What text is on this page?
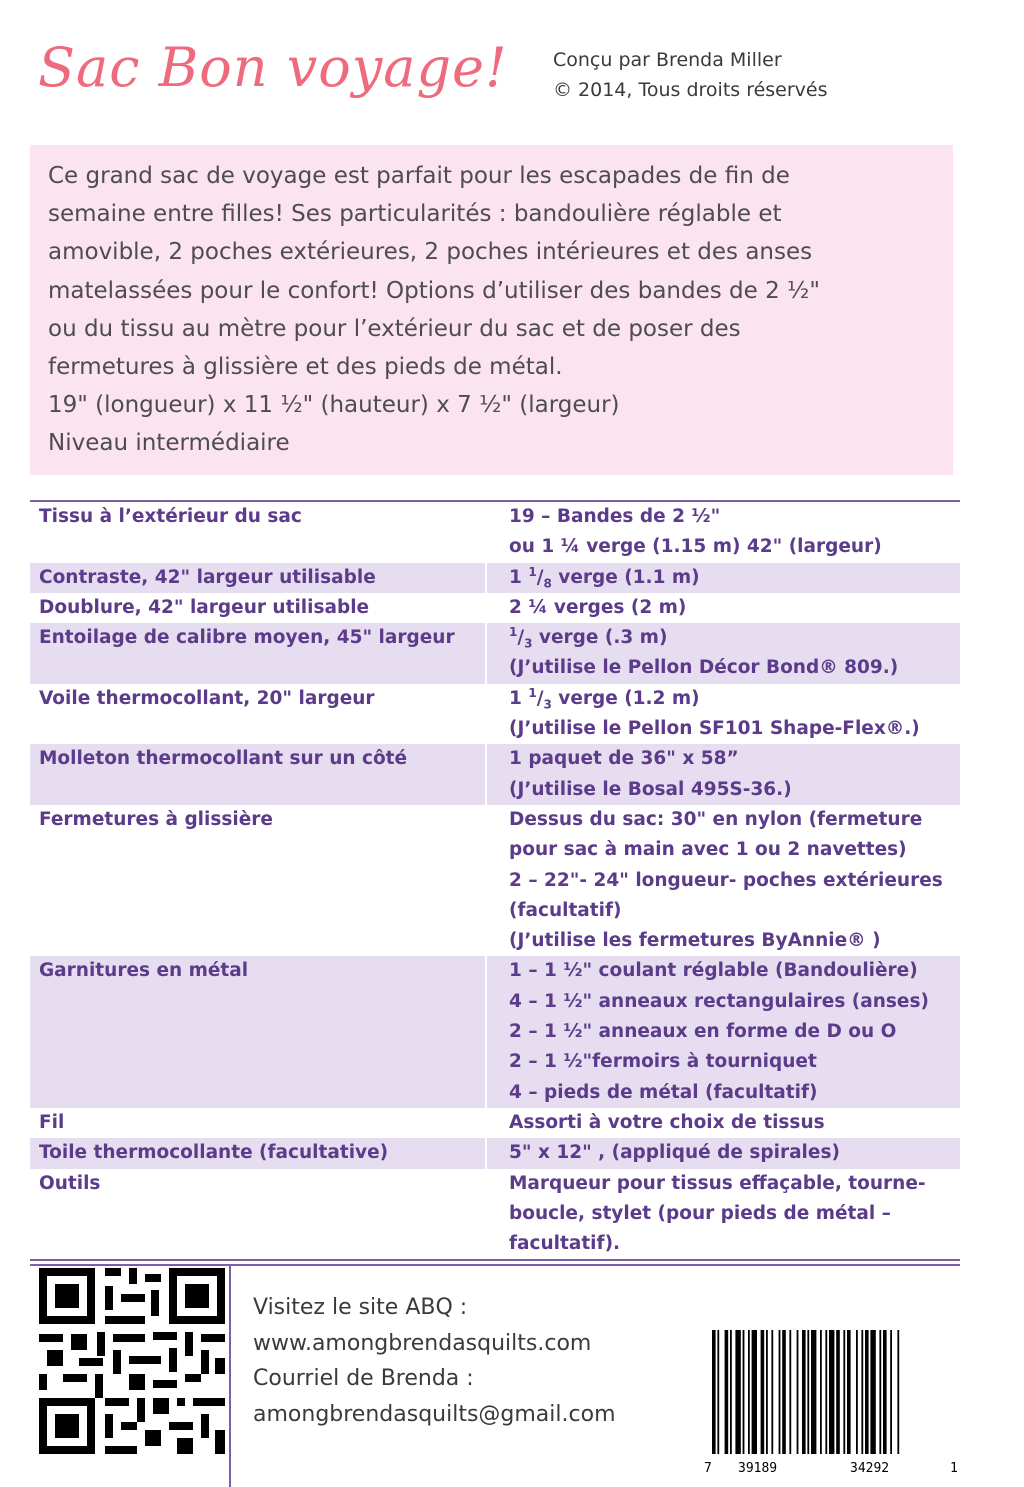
Sac Bon voyage! Conçu par Brenda Miller
© 2014, Tous droits réservés

Ce grand sac de voyage est parfait pour les escapades de fin de

semaine entre filles! Ses particularités : bandoulière réglable et

amovible, 2 poches extérieures, 2 poches intérieures et des anses

matelassées pour le confort! Options d’utiliser des bandes de 2 ½"

ou du tissu au mètre pour l’extérieur du sac et de poser des

fermetures à glissière et des pieds de métal.

19" (longueur) x 11 ½" (hauteur) x 7 ½" (largeur)

Niveau intermédiaire

Tissu à l’extérieur du sac	19 – Bandes de 2 ½"
ou 1 ¼ verge (1.15 m) 42" (largeur)
Contraste, 42" largeur utilisable	1 $^1/_8$ verge (1.1 m)
Doublure, 42" largeur utilisable	2 ¼ verges (2 m)
Entoilage de calibre moyen, 45" largeur	$^1/_3$ verge (.3 m)
(J’utilise le Pellon Décor Bond® 809.)
Voile thermocollant, 20" largeur	1 $^1/_3$ verge (1.2 m)
(J’utilise le Pellon SF101 Shape-Flex®.)
Molleton thermocollant sur un côté	1 paquet de 36" x 58”
(J’utilise le Bosal 495S-36.)
Fermetures à glissière	Dessus du sac: 30" en nylon (fermeture
pour sac à main avec 1 ou 2 navettes)
2 – 22"- 24" longueur- poches extérieures
(facultatif)
(J’utilise les fermetures ByAnnie® )
Garnitures en métal	1 – 1 ½" coulant réglable (Bandoulière)
4 – 1 ½" anneaux rectangulaires (anses)
2 – 1 ½" anneaux en forme de D ou O
2 – 1 ½"fermoirs à tourniquet
4 – pieds de métal (facultatif)
Fil	Assorti à votre choix de tissus
Toile thermocollante (facultative)	5" x 12" , (appliqué de spirales)
Outils	Marqueur pour tissus effaçable, tourne-
boucle, stylet (pour pieds de métal –
facultatif).
Visitez le site ABQ :
www.amongbrendasquilts.com
Courriel de Brenda :
amongbrendasquilts@gmail.com
7 39189	34292	1
